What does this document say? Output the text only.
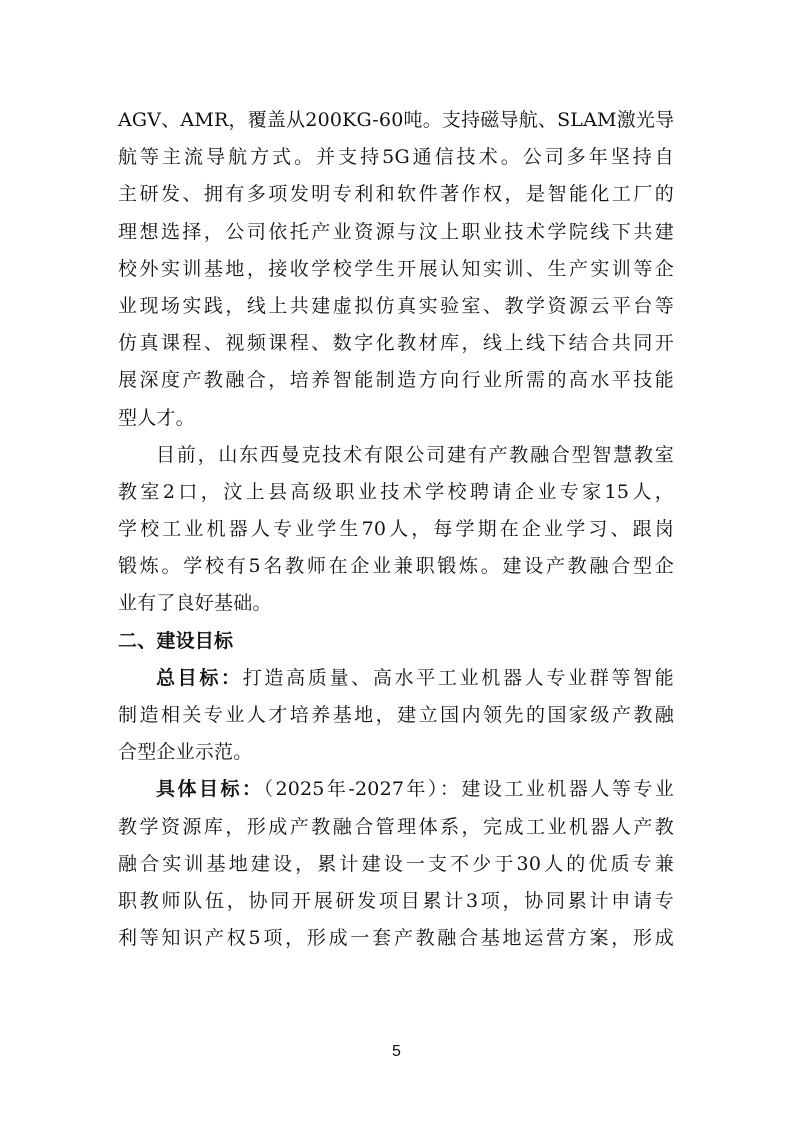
AGV、AMR，覆盖从200KG-60吨。支持磁导航、SLAM激光导
航等主流导航方式。并支持5G通信技术。公司多年坚持自
主研发、拥有多项发明专利和软件著作权，是智能化工厂的
理想选择，公司依托产业资源与汶上职业技术学院线下共建
校外实训基地，接收学校学生开展认知实训、生产实训等企
业现场实践，线上共建虚拟仿真实验室、教学资源云平台等
仿真课程、视频课程、数字化教材库，线上线下结合共同开
展深度产教融合，培养智能制造方向行业所需的高水平技能
型人才。
目前，山东西曼克技术有限公司建有产教融合型智慧教室
教室2口，汶上县高级职业技术学校聘请企业专家15人，
学校工业机器人专业学生70人，每学期在企业学习、跟岗
锻炼。学校有5名教师在企业兼职锻炼。建设产教融合型企
业有了良好基础。
二、建设目标
总目标：打造高质量、高水平工业机器人专业群等智能
制造相关专业人才培养基地，建立国内领先的国家级产教融
合型企业示范。
具体目标：（2025年-2027年）：建设工业机器人等专业
教学资源库，形成产教融合管理体系，完成工业机器人产教
融合实训基地建设，累计建设一支不少于30人的优质专兼
职教师队伍，协同开展研发项目累计3项，协同累计申请专
利等知识产权5项，形成一套产教融合基地运营方案，形成
5
